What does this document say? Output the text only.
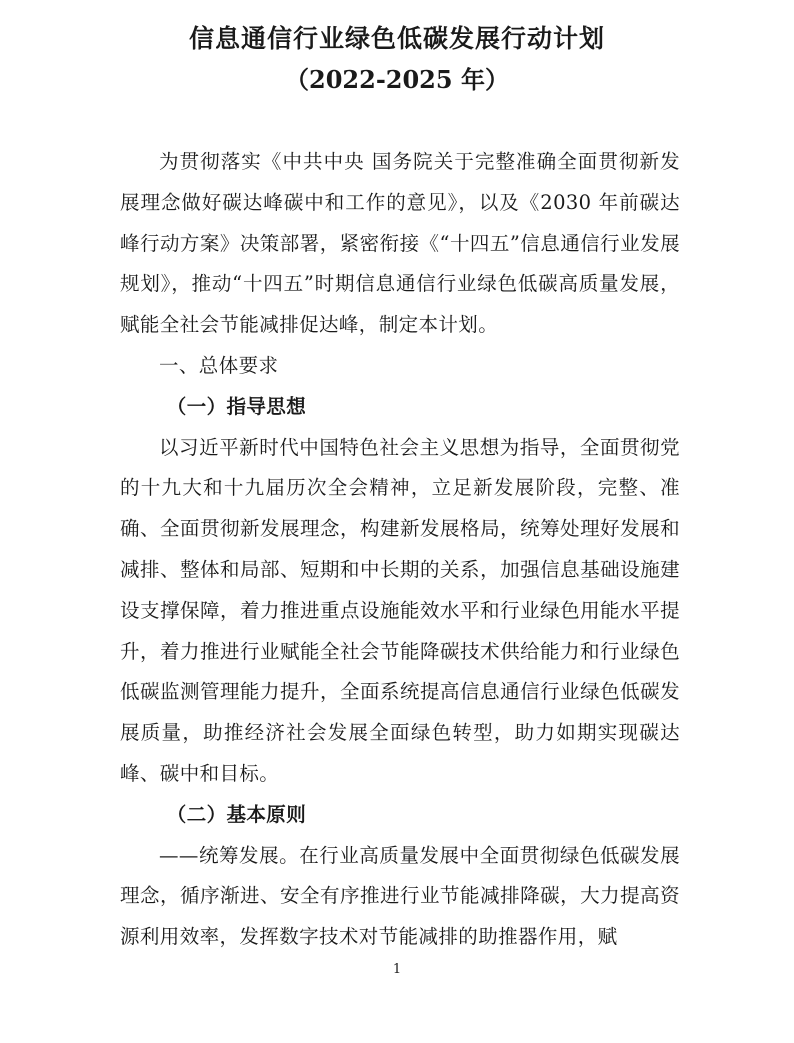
信息通信行业绿色低碳发展行动计划
（2022-2025 年）

为贯彻落实《中共中央 国务院关于完整准确全面贯彻新发展理念做好碳达峰碳中和工作的意见》，以及《2030 年前碳达峰行动方案》决策部署，紧密衔接《“十四五”信息通信行业发展规划》，推动“十四五”时期信息通信行业绿色低碳高质量发展，赋能全社会节能减排促达峰，制定本计划。

一、总体要求

（一）指导思想

以习近平新时代中国特色社会主义思想为指导，全面贯彻党的十九大和十九届历次全会精神，立足新发展阶段，完整、准确、全面贯彻新发展理念，构建新发展格局，统筹处理好发展和减排、整体和局部、短期和中长期的关系，加强信息基础设施建设支撑保障，着力推进重点设施能效水平和行业绿色用能水平提升，着力推进行业赋能全社会节能降碳技术供给能力和行业绿色低碳监测管理能力提升，全面系统提高信息通信行业绿色低碳发展质量，助推经济社会发展全面绿色转型，助力如期实现碳达峰、碳中和目标。

（二）基本原则

——统筹发展。在行业高质量发展中全面贯彻绿色低碳发展理念，循序渐进、安全有序推进行业节能减排降碳，大力提高资源利用效率，发挥数字技术对节能减排的助推器作用，赋

1
